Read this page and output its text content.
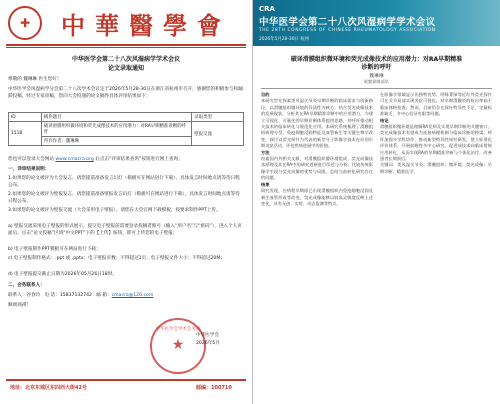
✚	中華醫學會
中华医学会第二十八次风湿病学学术会议
论文录取通知
尊敬的 魏琳琳 医生您好！
中华医学会风湿病学分会第二十八次学术会议定于2026年5月28-30日在浙江省杭州市召开，感谢您的积极参与和踊跃投稿，经过专家审稿，您向大会投递的论文稿件具体评审结果如下：
ID	稿件题目	录取类型
1518	破译滑膜组织微环境和荧光成像技术的应用潜力：对RA早期精准诊断的呼吁	壁报交流
	所有作者：魏琳琳	
您也可以登录大会网站 www.cmacra.org 后点击“评审结果查询”按钮进行网上查询。
一、详审结果说明：
1.如果您的论文被评为大会发言，请您提前准备发言幻灯（模板可在网站进行下载），具体发言时间地点请等待日程公布。
2.如果您的论文被评为壁报发言，请您提前准备壁报发言幻灯（模板可在网站进行下载），具体发言时间地点请等待日程公布。
3.如果您的论文被评为壁报交流（大会采用电子壁报），请您在大会官网下载模板，按要求制作PPT上传。
a) 壁报交流采用电子壁报的形式展示，提交电子壁报前需要登录投稿者账号（输入“用户名”与“密码”），进入个人页面后，点击“论文投稿”区域“中文PPT”下的【上传】按钮，即可上传您的电子壁报；
b) 电子壁报制作PPT模板可在网站进行下载；
c) 电子壁报制作格式：.ppt 或 .pptx；电子壁报页数：不得超过1页；电子壁报文件大小：不得超过20M；
d) 电子壁报提交截止日期为2026年05月26日18时。
二、会务联系人：
联系人：谷春玲 电 话：15837132742 邮 箱：cmacra@126.com
顺颂商祺！
中华医学会学术会务部
★
中华医学会
2026年5月
地址：北京东城区东四西大街42号	邮编：100710
CRA
中华医学会第二十八次风湿病学学术会议
THE 28TH CONGRESS OF CHINESE RHEUMATOLOGY ASSOCIATION
2026年5月28-30日 杭州
破译滑膜组织微环境和荧光成像技术的应用潜力：对RA早期精准
诊断的呼吁
魏琳琳
联勤保障部队
目的
本研究旨在探索类风湿关节炎早期诊断的临床需求与创新路径，以滑膜组织微环境的异质性为核心，结合荧光成像技术的发展现状，分析其在RA早期精准诊断中的应用潜力，为建立可视化、可量化的早期诊断体系提供思路，并呼吁推动相关技术的临床转化与规范化应用。本研究系统梳理了滑膜组织病理分型、免疫细胞浸润特征及血管新生等关键生物学改变，探讨以荧光探针为代表的新型分子影像学技术在识别早期炎症活动、评估疾病进展中的价值。
方法
检索国内外相关文献，对滑膜组织微环境组成、荧光成像技术原理及其在RA中的研究进展进行综述与分析，比较传统影像学手段与荧光成像的优势与局限，总结当前转化研究存在的问题。
结果
研究发现，在病程早期即已出现滑膜组织内免疫细胞浸润及新生血管形成等改变，荧光成像能够以较高灵敏度反映上述变化，具有无创、实时、动态监测等特点。
在影像学领域显示出独特优势。吲哚菁绿等近红外荧光探针可在关节局部实现炎症可视化，对早期滑膜炎的检出率高于临床体格检查。然而，目前仍存在探针特异性不足、定量标准缺乏、多中心验证有限等问题。
结论
滑膜组织微环境是理解RA发病及实现早期诊断的关键窗口，荧光成像技术有望成为连接病理机制与临床诊断的桥梁。呼吁加强多学科协作，推动新型特异性探针研发，建立标准化评价体系，开展前瞻性多中心研究，促进该技术向临床常规应用转化，从而实现RA的早期精准诊断与个体化治疗，改善患者长期预后。
关键词：类风湿关节炎；滑膜组织；微环境；荧光成像；早期诊断；精准医学。
